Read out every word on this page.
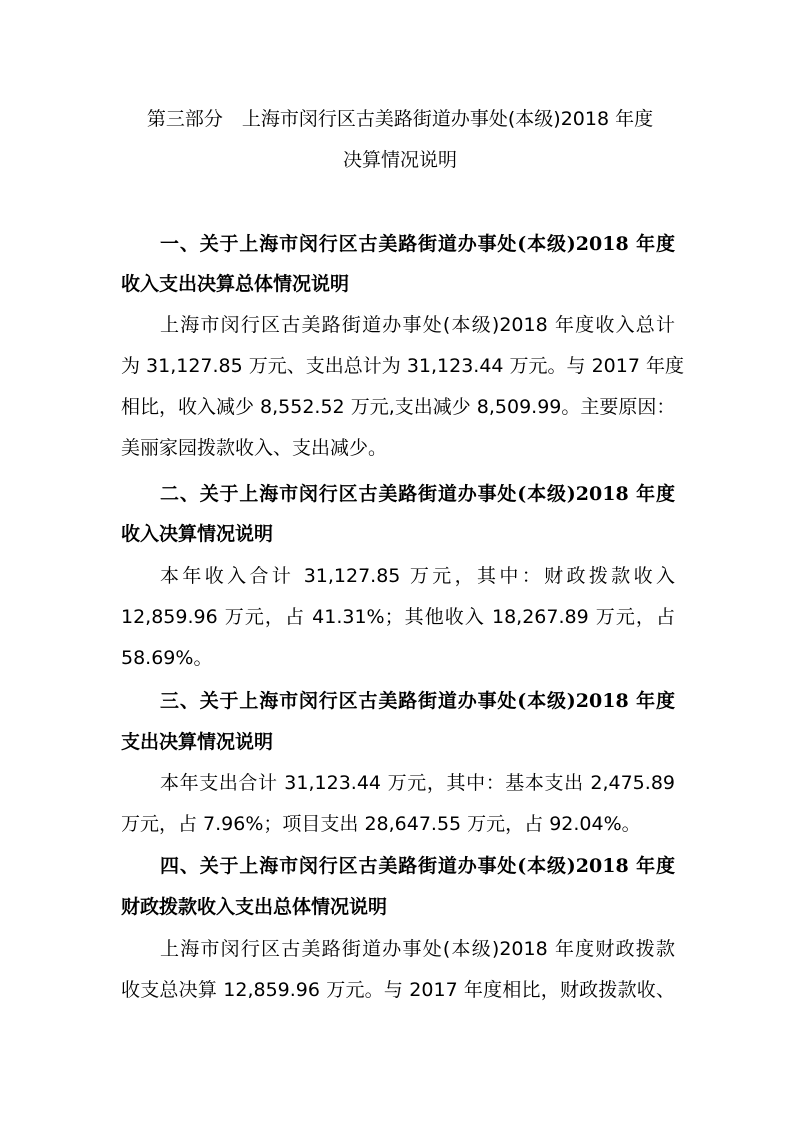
第三部分　上海市闵行区古美路街道办事处(本级)2018 年度
决算情况说明
一、关于上海市闵行区古美路街道办事处(本级)2018 年度
收入支出决算总体情况说明
上海市闵行区古美路街道办事处(本级)2018 年度收入总计
为 31,127.85 万元、支出总计为 31,123.44 万元。与 2017 年度
相比，收入减少 8,552.52 万元,支出减少 8,509.99。主要原因：
美丽家园拨款收入、支出减少。
二、关于上海市闵行区古美路街道办事处(本级)2018 年度
收入决算情况说明
本年收入合计 31,127.85 万元，其中：财政拨款收入
12,859.96 万元，占 41.31%；其他收入 18,267.89 万元，占
58.69%。
三、关于上海市闵行区古美路街道办事处(本级)2018 年度
支出决算情况说明
本年支出合计 31,123.44 万元，其中：基本支出 2,475.89
万元，占 7.96%；项目支出 28,647.55 万元，占 92.04%。
四、关于上海市闵行区古美路街道办事处(本级)2018 年度
财政拨款收入支出总体情况说明
上海市闵行区古美路街道办事处(本级)2018 年度财政拨款
收支总决算 12,859.96 万元。与 2017 年度相比，财政拨款收、
